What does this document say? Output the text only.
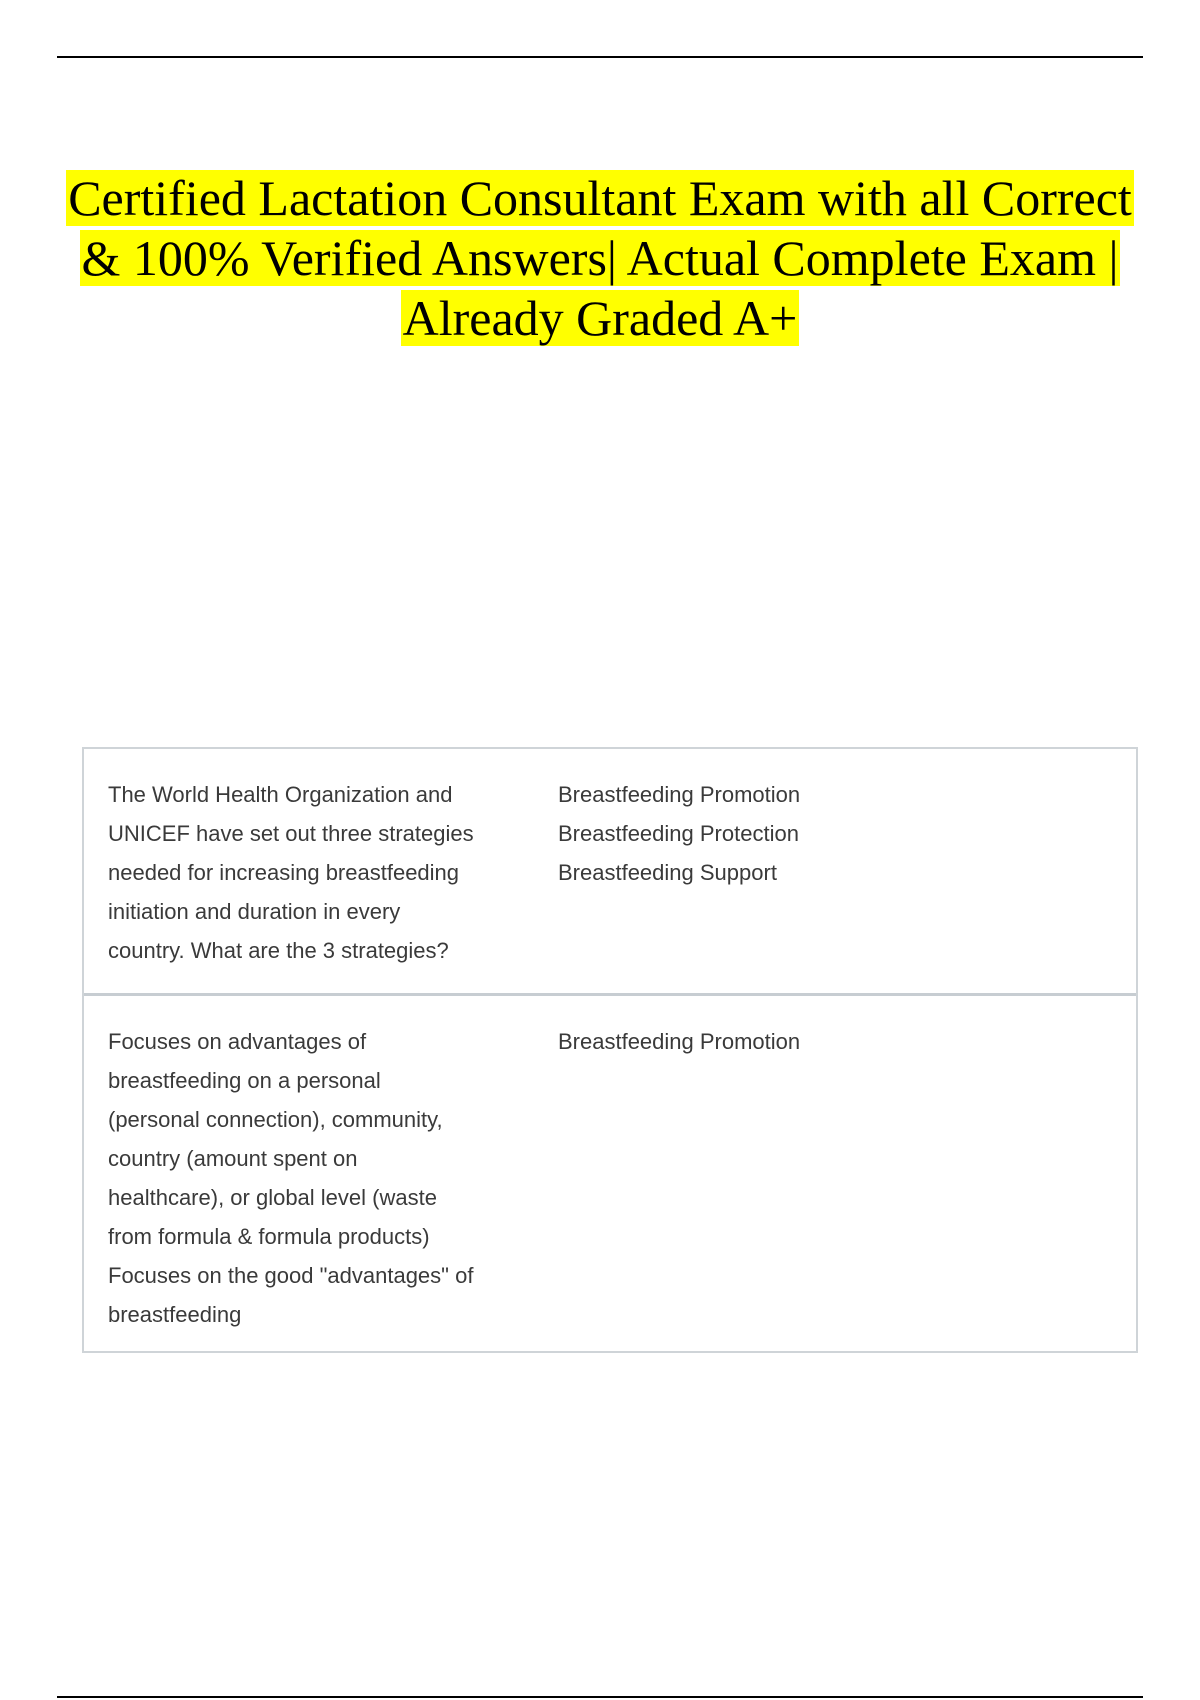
Certified Lactation Consultant Exam with all Correct
& 100% Verified Answers| Actual Complete Exam |
Already Graded A+
The World Health Organization and
UNICEF have set out three strategies
needed for increasing breastfeeding
initiation and duration in every
country. What are the 3 strategies?
Breastfeeding Promotion
Breastfeeding Protection
Breastfeeding Support
Focuses on advantages of
breastfeeding on a personal
(personal connection), community,
country (amount spent on
healthcare), or global level (waste
from formula & formula products)
Focuses on the good "advantages" of
breastfeeding
Breastfeeding Promotion
